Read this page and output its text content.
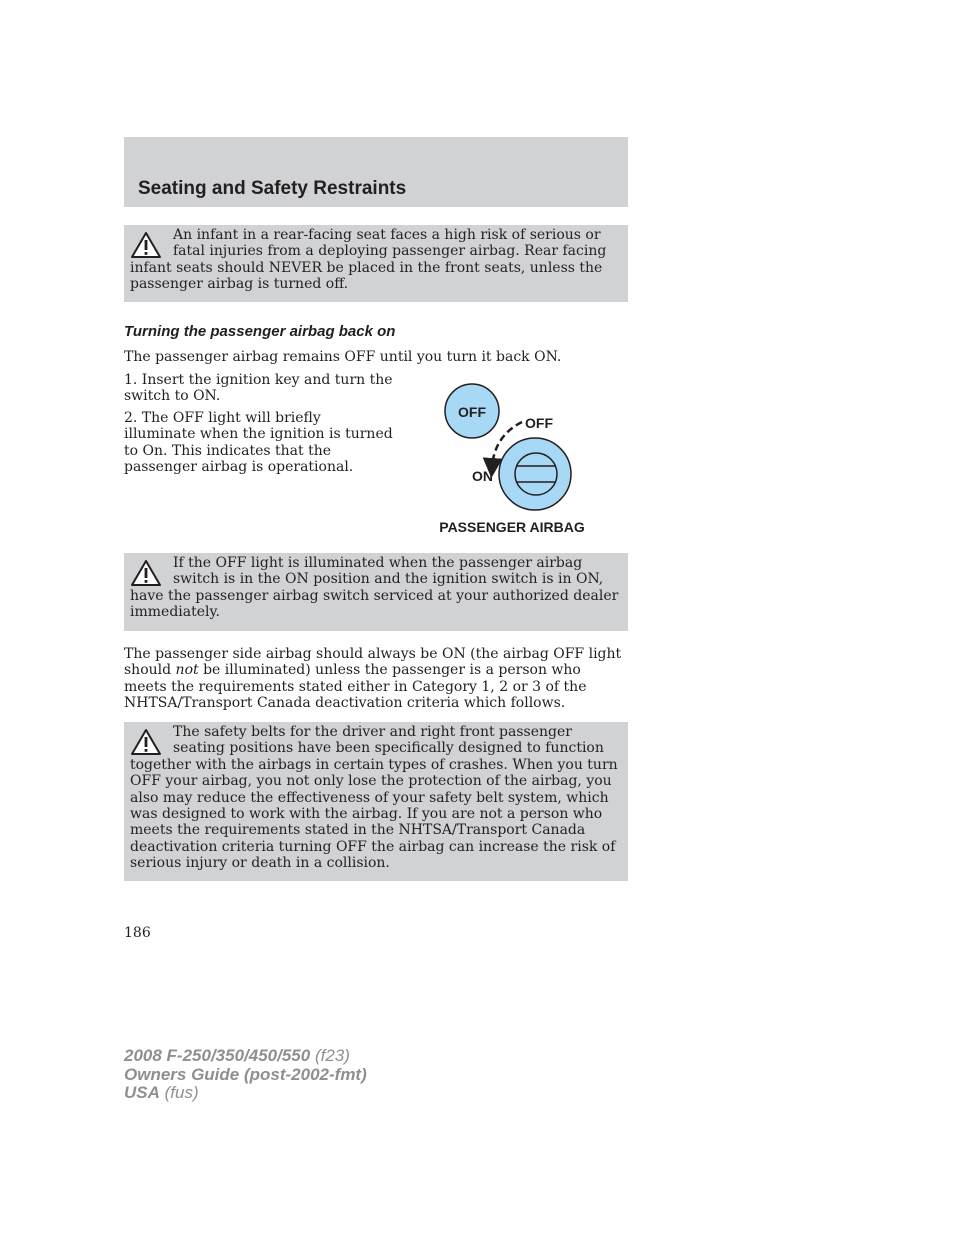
Seating and Safety Restraints

An infant in a rear-facing seat faces a high risk of serious or fatal injuries from a deploying passenger airbag. Rear facing infant seats should NEVER be placed in the front seats, unless the passenger airbag is turned off.

Turning the passenger airbag back on

The passenger airbag remains OFF until you turn it back ON.

1. Insert the ignition key and turn the switch to ON.

2. The OFF light will briefly illuminate when the ignition is turned to On. This indicates that the passenger airbag is operational.

OFF
OFF
ON
PASSENGER AIRBAG

If the OFF light is illuminated when the passenger airbag switch is in the ON position and the ignition switch is in ON, have the passenger airbag switch serviced at your authorized dealer immediately.

The passenger side airbag should always be ON (the airbag OFF light should not be illuminated) unless the passenger is a person who meets the requirements stated either in Category 1, 2 or 3 of the NHTSA/Transport Canada deactivation criteria which follows.

The safety belts for the driver and right front passenger seating positions have been specifically designed to function together with the airbags in certain types of crashes. When you turn OFF your airbag, you not only lose the protection of the airbag, you also may reduce the effectiveness of your safety belt system, which was designed to work with the airbag. If you are not a person who meets the requirements stated in the NHTSA/Transport Canada deactivation criteria turning OFF the airbag can increase the risk of serious injury or death in a collision.

186

2008 F-250/350/450/550 (f23)
Owners Guide (post-2002-fmt)
USA (fus)
